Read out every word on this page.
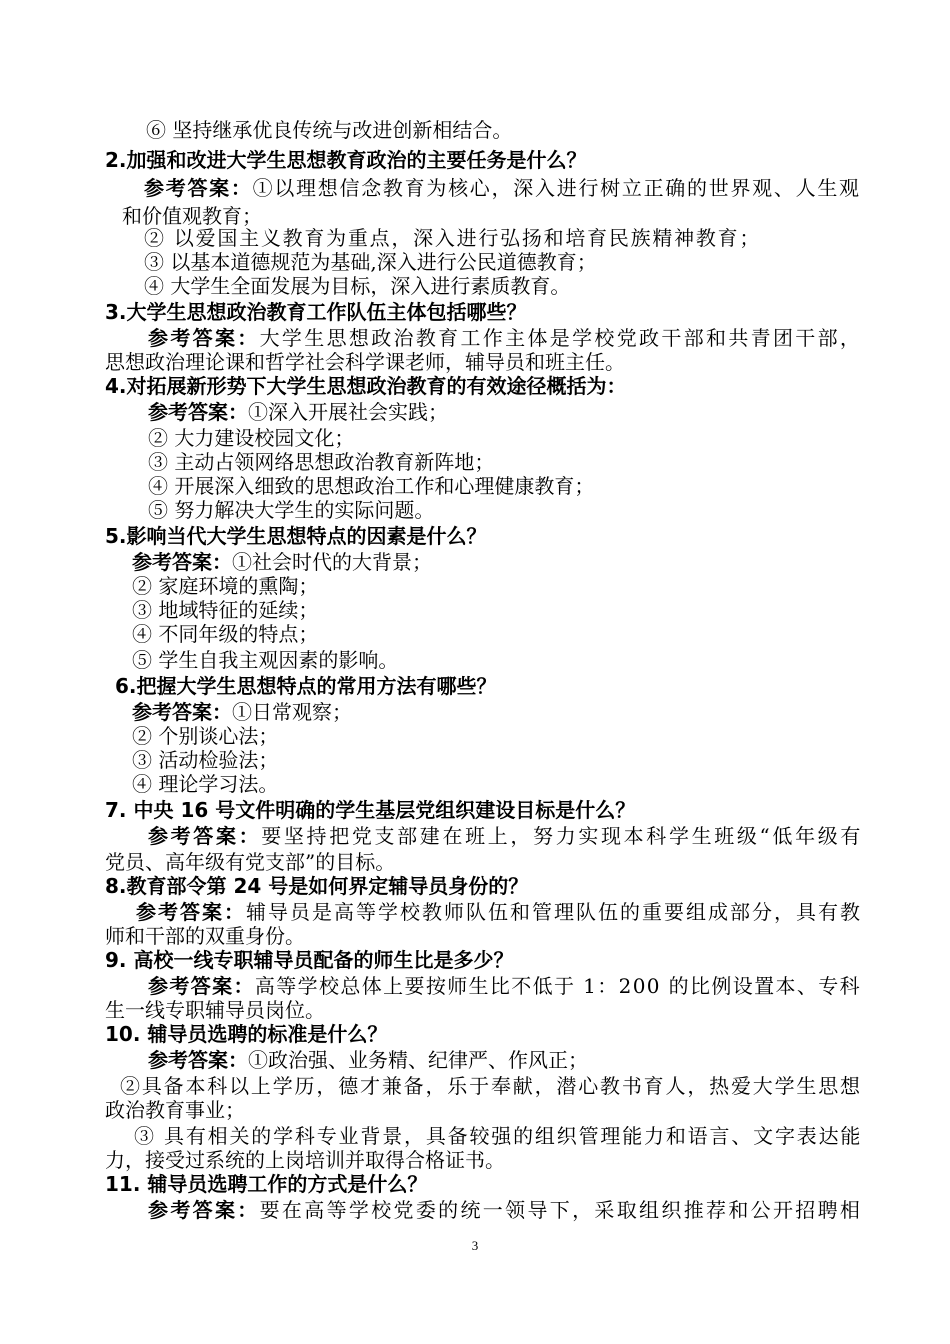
⑥ 坚持继承优良传统与改进创新相结合。
2.加强和改进大学生思想教育政治的主要任务是什么？
参考答案：①以理想信念教育为核心，深入进行树立正确的世界观、人生观
和价值观教育；
② 以爱国主义教育为重点，深入进行弘扬和培育民族精神教育；
③ 以基本道德规范为基础,深入进行公民道德教育；
④ 大学生全面发展为目标，深入进行素质教育。
3.大学生思想政治教育工作队伍主体包括哪些？
参考答案：大学生思想政治教育工作主体是学校党政干部和共青团干部，
思想政治理论课和哲学社会科学课老师，辅导员和班主任。
4.对拓展新形势下大学生思想政治教育的有效途径概括为：
参考答案：①深入开展社会实践；
② 大力建设校园文化；
③ 主动占领网络思想政治教育新阵地；
④ 开展深入细致的思想政治工作和心理健康教育；
⑤ 努力解决大学生的实际问题。
5.影响当代大学生思想特点的因素是什么？
参考答案：①社会时代的大背景；
② 家庭环境的熏陶；
③ 地域特征的延续；
④ 不同年级的特点；
⑤ 学生自我主观因素的影响。
6.把握大学生思想特点的常用方法有哪些？
参考答案：①日常观察；
② 个别谈心法；
③ 活动检验法；
④ 理论学习法。
7. 中央 16 号文件明确的学生基层党组织建设目标是什么？
参考答案：要坚持把党支部建在班上，努力实现本科学生班级“低年级有
党员、高年级有党支部”的目标。
8.教育部令第 24 号是如何界定辅导员身份的？
参考答案：辅导员是高等学校教师队伍和管理队伍的重要组成部分，具有教
师和干部的双重身份。
9. 高校一线专职辅导员配备的师生比是多少？
参考答案：高等学校总体上要按师生比不低于 1：200 的比例设置本、专科
生一线专职辅导员岗位。
10. 辅导员选聘的标准是什么？
参考答案：①政治强、业务精、纪律严、作风正；
②具备本科以上学历，德才兼备，乐于奉献，潜心教书育人，热爱大学生思想
政治教育事业；
③ 具有相关的学科专业背景，具备较强的组织管理能力和语言、文字表达能
力，接受过系统的上岗培训并取得合格证书。
11. 辅导员选聘工作的方式是什么？
参考答案：要在高等学校党委的统一领导下，采取组织推荐和公开招聘相
3
